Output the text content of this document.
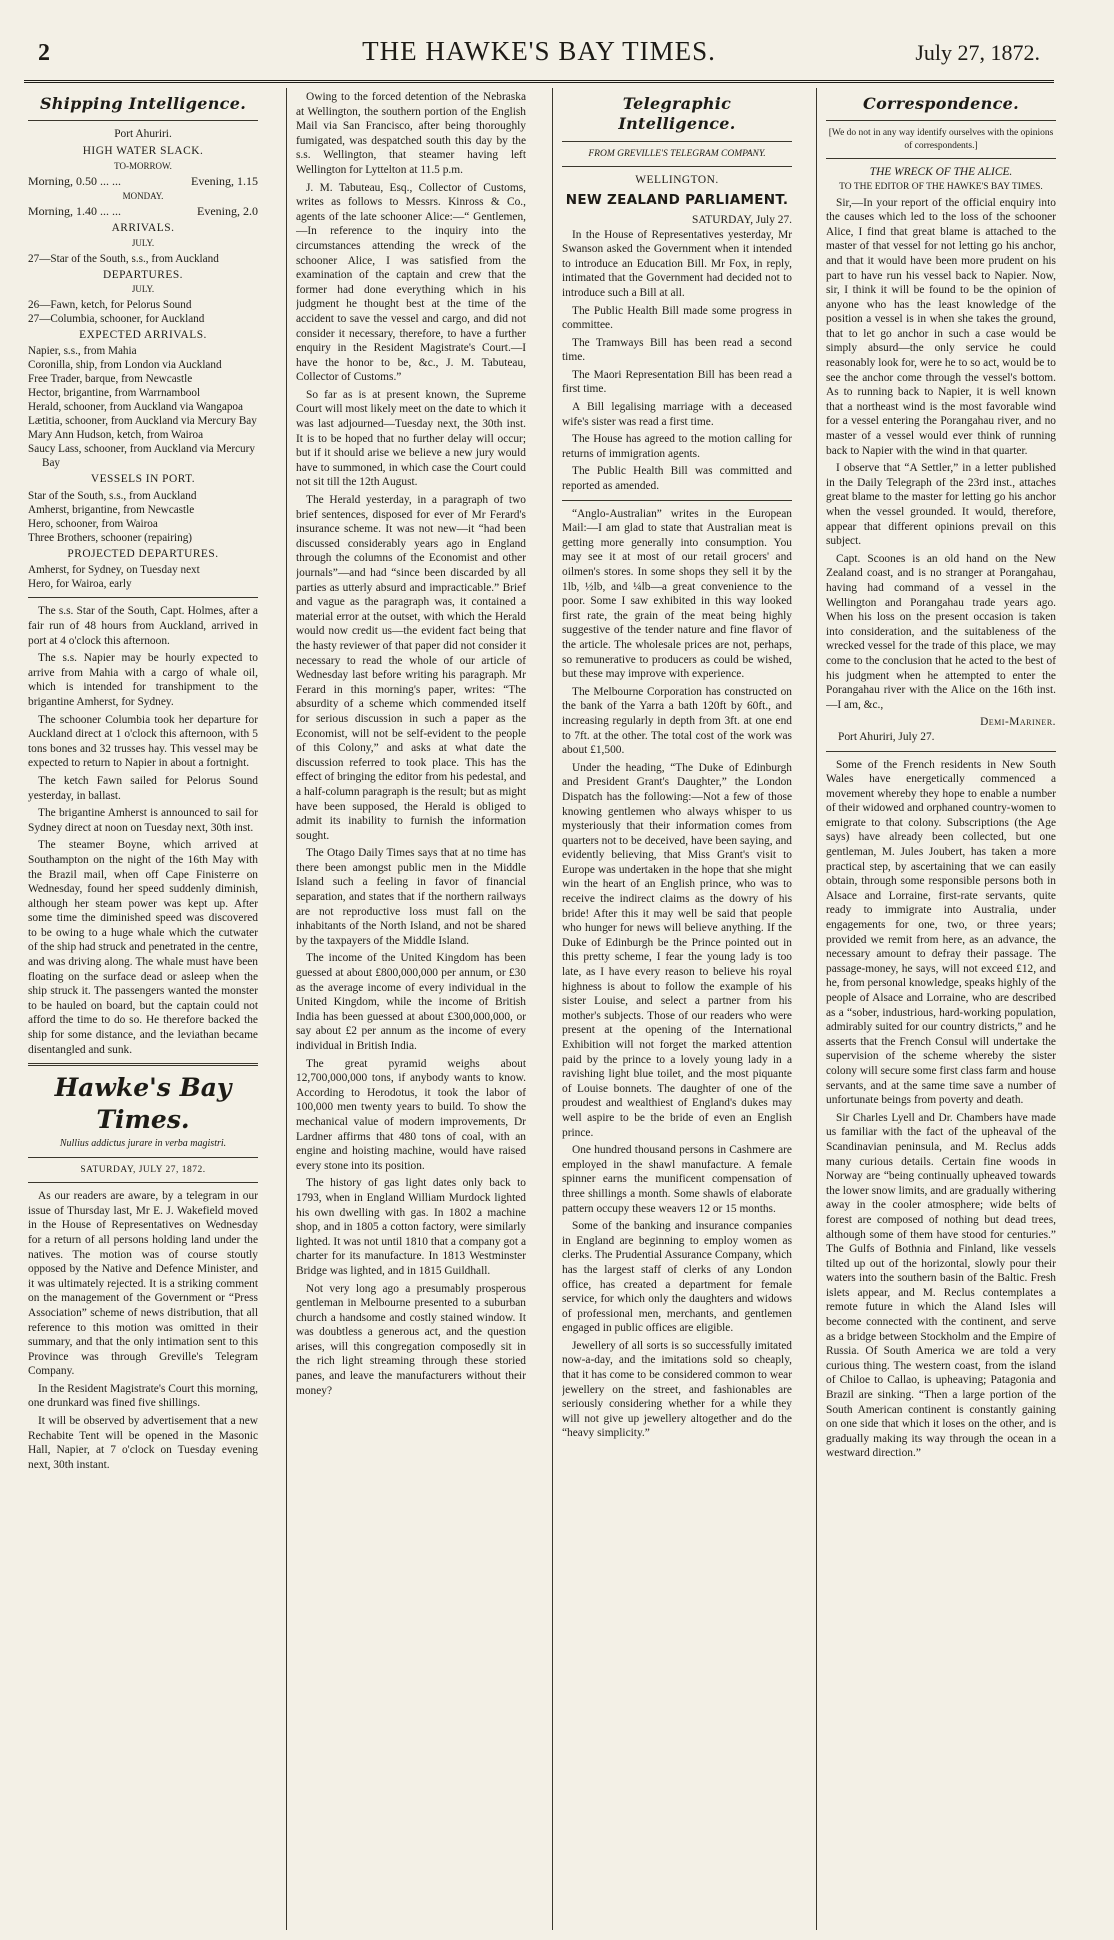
2	THE HAWKE'S BAY TIMES.	July 27, 1872.
Shipping Intelligence.
Port Ahuriri.
HIGH WATER SLACK.
TO-MORROW.
Morning, 0.50 ... ...	Evening, 1.15
MONDAY.
Morning, 1.40 ... ...	Evening, 2.0
ARRIVALS.
JULY.
27—Star of the South, s.s., from Auckland
DEPARTURES.
JULY.
26—Fawn, ketch, for Pelorus Sound
27—Columbia, schooner, for Auckland
EXPECTED ARRIVALS.
Napier, s.s., from Mahia
Coronilla, ship, from London via Auckland
Free Trader, barque, from Newcastle
Hector, brigantine, from Warrnambool
Herald, schooner, from Auckland via Wangapoa
Lætitia, schooner, from Auckland via Mercury Bay
Mary Ann Hudson, ketch, from Wairoa
Saucy Lass, schooner, from Auckland via Mercury Bay
VESSELS IN PORT.
Star of the South, s.s., from Auckland
Amherst, brigantine, from Newcastle
Hero, schooner, from Wairoa
Three Brothers, schooner (repairing)
PROJECTED DEPARTURES.
Amherst, for Sydney, on Tuesday next
Hero, for Wairoa, early

The s.s. Star of the South, Capt. Holmes, after a fair run of 48 hours from Auckland, arrived in port at 4 o'clock this afternoon.

The s.s. Napier may be hourly expected to arrive from Mahia with a cargo of whale oil, which is intended for transhipment to the brigantine Amherst, for Sydney.

The schooner Columbia took her departure for Auckland direct at 1 o'clock this afternoon, with 5 tons bones and 32 trusses hay. This vessel may be expected to return to Napier in about a fortnight.

The ketch Fawn sailed for Pelorus Sound yesterday, in ballast.

The brigantine Amherst is announced to sail for Sydney direct at noon on Tuesday next, 30th inst.

The steamer Boyne, which arrived at Southampton on the night of the 16th May with the Brazil mail, when off Cape Finisterre on Wednesday, found her speed suddenly diminish, although her steam power was kept up. After some time the diminished speed was discovered to be owing to a huge whale which the cutwater of the ship had struck and penetrated in the centre, and was driving along. The whale must have been floating on the surface dead or asleep when the ship struck it. The passengers wanted the monster to be hauled on board, but the captain could not afford the time to do so. He therefore backed the ship for some distance, and the leviathan became disentangled and sunk.

Hawke's Bay Times.
Nullius addictus jurare in verba magistri.
SATURDAY, JULY 27, 1872.

As our readers are aware, by a telegram in our issue of Thursday last, Mr E. J. Wakefield moved in the House of Representatives on Wednesday for a return of all persons holding land under the natives. The motion was of course stoutly opposed by the Native and Defence Minister, and it was ultimately rejected. It is a striking comment on the management of the Government or “Press Association” scheme of news distribution, that all reference to this motion was omitted in their summary, and that the only intimation sent to this Province was through Greville's Telegram Company.

In the Resident Magistrate's Court this morning, one drunkard was fined five shillings.

It will be observed by advertisement that a new Rechabite Tent will be opened in the Masonic Hall, Napier, at 7 o'clock on Tuesday evening next, 30th instant.

Owing to the forced detention of the Nebraska at Wellington, the southern portion of the English Mail via San Francisco, after being thoroughly fumigated, was despatched south this day by the s.s. Wellington, that steamer having left Wellington for Lyttelton at 11.5 p.m.

J. M. Tabuteau, Esq., Collector of Customs, writes as follows to Messrs. Kinross & Co., agents of the late schooner Alice:—“ Gentlemen,—In reference to the inquiry into the circumstances attending the wreck of the schooner Alice, I was satisfied from the examination of the captain and crew that the former had done everything which in his judgment he thought best at the time of the accident to save the vessel and cargo, and did not consider it necessary, therefore, to have a further enquiry in the Resident Magistrate's Court.—I have the honor to be, &c., J. M. Tabuteau, Collector of Customs.”

So far as is at present known, the Supreme Court will most likely meet on the date to which it was last adjourned—Tuesday next, the 30th inst. It is to be hoped that no further delay will occur; but if it should arise we believe a new jury would have to summoned, in which case the Court could not sit till the 12th August.

The Herald yesterday, in a paragraph of two brief sentences, disposed for ever of Mr Ferard's insurance scheme. It was not new—it “had been discussed considerably years ago in England through the columns of the Economist and other journals”—and had “since been discarded by all parties as utterly absurd and impracticable.” Brief and vague as the paragraph was, it contained a material error at the outset, with which the Herald would now credit us—the evident fact being that the hasty reviewer of that paper did not consider it necessary to read the whole of our article of Wednesday last before writing his paragraph. Mr Ferard in this morning's paper, writes: “The absurdity of a scheme which commended itself for serious discussion in such a paper as the Economist, will not be self-evident to the people of this Colony,” and asks at what date the discussion referred to took place. This has the effect of bringing the editor from his pedestal, and a half-column paragraph is the result; but as might have been supposed, the Herald is obliged to admit its inability to furnish the information sought.

The Otago Daily Times says that at no time has there been amongst public men in the Middle Island such a feeling in favor of financial separation, and states that if the northern railways are not reproductive loss must fall on the inhabitants of the North Island, and not be shared by the taxpayers of the Middle Island.

The income of the United Kingdom has been guessed at about £800,000,000 per annum, or £30 as the average income of every individual in the United Kingdom, while the income of British India has been guessed at about £300,000,000, or say about £2 per annum as the income of every individual in British India.

The great pyramid weighs about 12,700,000,000 tons, if anybody wants to know. According to Herodotus, it took the labor of 100,000 men twenty years to build. To show the mechanical value of modern improvements, Dr Lardner affirms that 480 tons of coal, with an engine and hoisting machine, would have raised every stone into its position.

The history of gas light dates only back to 1793, when in England William Murdock lighted his own dwelling with gas. In 1802 a machine shop, and in 1805 a cotton factory, were similarly lighted. It was not until 1810 that a company got a charter for its manufacture. In 1813 Westminster Bridge was lighted, and in 1815 Guildhall.

Not very long ago a presumably prosperous gentleman in Melbourne presented to a suburban church a handsome and costly stained window. It was doubtless a generous act, and the question arises, will this congregation composedly sit in the rich light streaming through these storied panes, and leave the manufacturers without their money?

Telegraphic Intelligence.
FROM GREVILLE'S TELEGRAM COMPANY.
WELLINGTON.
NEW ZEALAND PARLIAMENT.
SATURDAY, July 27.

In the House of Representatives yesterday, Mr Swanson asked the Government when it intended to introduce an Education Bill. Mr Fox, in reply, intimated that the Government had decided not to introduce such a Bill at all.

The Public Health Bill made some progress in committee.

The Tramways Bill has been read a second time.

The Maori Representation Bill has been read a first time.

A Bill legalising marriage with a deceased wife's sister was read a first time.

The House has agreed to the motion calling for returns of immigration agents.

The Public Health Bill was committed and reported as amended.

“Anglo-Australian” writes in the European Mail:—I am glad to state that Australian meat is getting more generally into consumption. You may see it at most of our retail grocers' and oilmen's stores. In some shops they sell it by the 1lb, ½lb, and ¼lb—a great convenience to the poor. Some I saw exhibited in this way looked first rate, the grain of the meat being highly suggestive of the tender nature and fine flavor of the article. The wholesale prices are not, perhaps, so remunerative to producers as could be wished, but these may improve with experience.

The Melbourne Corporation has constructed on the bank of the Yarra a bath 120ft by 60ft., and increasing regularly in depth from 3ft. at one end to 7ft. at the other. The total cost of the work was about £1,500.

Under the heading, “The Duke of Edinburgh and President Grant's Daughter,” the London Dispatch has the following:—Not a few of those knowing gentlemen who always whisper to us mysteriously that their information comes from quarters not to be deceived, have been saying, and evidently believing, that Miss Grant's visit to Europe was undertaken in the hope that she might win the heart of an English prince, who was to receive the indirect claims as the dowry of his bride! After this it may well be said that people who hunger for news will believe anything. If the Duke of Edinburgh be the Prince pointed out in this pretty scheme, I fear the young lady is too late, as I have every reason to believe his royal highness is about to follow the example of his sister Louise, and select a partner from his mother's subjects. Those of our readers who were present at the opening of the International Exhibition will not forget the marked attention paid by the prince to a lovely young lady in a ravishing light blue toilet, and the most piquante of Louise bonnets. The daughter of one of the proudest and wealthiest of England's dukes may well aspire to be the bride of even an English prince.

One hundred thousand persons in Cashmere are employed in the shawl manufacture. A female spinner earns the munificent compensation of three shillings a month. Some shawls of elaborate pattern occupy these weavers 12 or 15 months.

Some of the banking and insurance companies in England are beginning to employ women as clerks. The Prudential Assurance Company, which has the largest staff of clerks of any London office, has created a department for female service, for which only the daughters and widows of professional men, merchants, and gentlemen engaged in public offices are eligible.

Jewellery of all sorts is so successfully imitated now-a-day, and the imitations sold so cheaply, that it has come to be considered common to wear jewellery on the street, and fashionables are seriously considering whether for a while they will not give up jewellery altogether and do the “heavy simplicity.”

Correspondence.
[We do not in any way identify ourselves with the opinions of correspondents.]
THE WRECK OF THE ALICE.
TO THE EDITOR OF THE HAWKE'S BAY TIMES.

Sir,—In your report of the official enquiry into the causes which led to the loss of the schooner Alice, I find that great blame is attached to the master of that vessel for not letting go his anchor, and that it would have been more prudent on his part to have run his vessel back to Napier. Now, sir, I think it will be found to be the opinion of anyone who has the least knowledge of the position a vessel is in when she takes the ground, that to let go anchor in such a case would be simply absurd—the only service he could reasonably look for, were he to so act, would be to see the anchor come through the vessel's bottom. As to running back to Napier, it is well known that a northeast wind is the most favorable wind for a vessel entering the Porangahau river, and no master of a vessel would ever think of running back to Napier with the wind in that quarter.

I observe that “A Settler,” in a letter published in the Daily Telegraph of the 23rd inst., attaches great blame to the master for letting go his anchor when the vessel grounded. It would, therefore, appear that different opinions prevail on this subject.

Capt. Scoones is an old hand on the New Zealand coast, and is no stranger at Porangahau, having had command of a vessel in the Wellington and Porangahau trade years ago. When his loss on the present occasion is taken into consideration, and the suitableness of the wrecked vessel for the trade of this place, we may come to the conclusion that he acted to the best of his judgment when he attempted to enter the Porangahau river with the Alice on the 16th inst.—I am, &c.,

Demi-Mariner.
Port Ahuriri, July 27.

Some of the French residents in New South Wales have energetically commenced a movement whereby they hope to enable a number of their widowed and orphaned country-women to emigrate to that colony. Subscriptions (the Age says) have already been collected, but one gentleman, M. Jules Joubert, has taken a more practical step, by ascertaining that we can easily obtain, through some responsible persons both in Alsace and Lorraine, first-rate servants, quite ready to immigrate into Australia, under engagements for one, two, or three years; provided we remit from here, as an advance, the necessary amount to defray their passage. The passage-money, he says, will not exceed £12, and he, from personal knowledge, speaks highly of the people of Alsace and Lorraine, who are described as a “sober, industrious, hard-working population, admirably suited for our country districts,” and he asserts that the French Consul will undertake the supervision of the scheme whereby the sister colony will secure some first class farm and house servants, and at the same time save a number of unfortunate beings from poverty and death.

Sir Charles Lyell and Dr. Chambers have made us familiar with the fact of the upheaval of the Scandinavian peninsula, and M. Reclus adds many curious details. Certain fine woods in Norway are “being continually upheaved towards the lower snow limits, and are gradually withering away in the cooler atmosphere; wide belts of forest are composed of nothing but dead trees, although some of them have stood for centuries.” The Gulfs of Bothnia and Finland, like vessels tilted up out of the horizontal, slowly pour their waters into the southern basin of the Baltic. Fresh islets appear, and M. Reclus contemplates a remote future in which the Aland Isles will become connected with the continent, and serve as a bridge between Stockholm and the Empire of Russia. Of South America we are told a very curious thing. The western coast, from the island of Chiloe to Callao, is upheaving; Patagonia and Brazil are sinking. “Then a large portion of the South American continent is constantly gaining on one side that which it loses on the other, and is gradually making its way through the ocean in a westward direction.”
